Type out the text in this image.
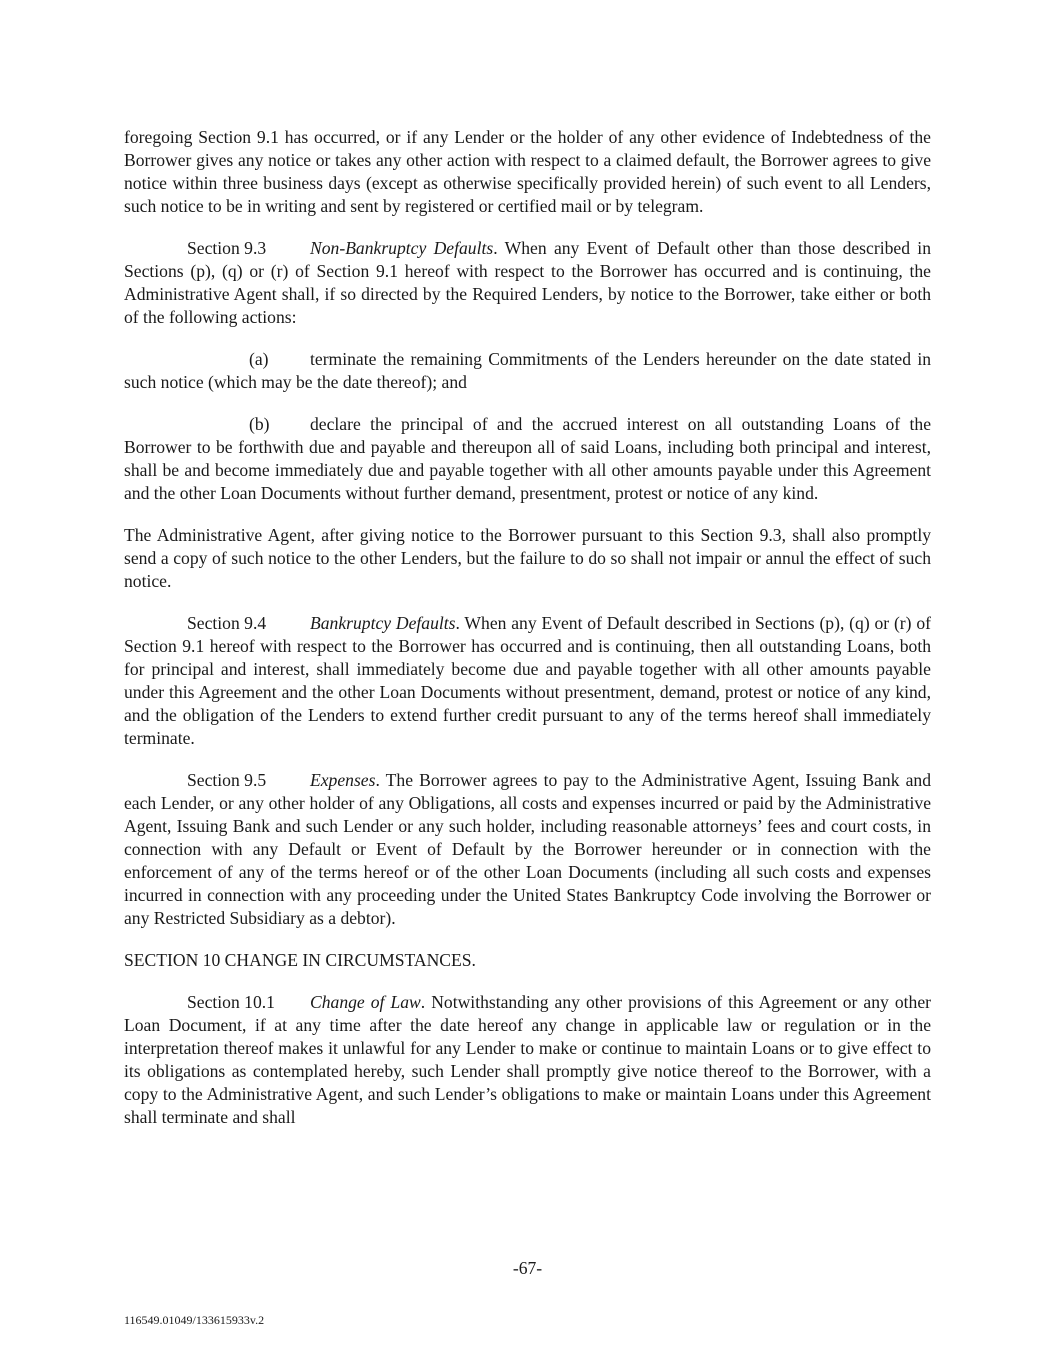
foregoing Section 9.1 has occurred, or if any Lender or the holder of any other evidence of Indebtedness of the Borrower gives any notice or takes any other action with respect to a claimed default, the Borrower agrees to give notice within three business days (except as otherwise specifically provided herein) of such event to all Lenders, such notice to be in writing and sent by registered or certified mail or by telegram.

Section 9.3 Non-Bankruptcy Defaults. When any Event of Default other than those described in Sections (p), (q) or (r) of Section 9.1 hereof with respect to the Borrower has occurred and is continuing, the Administrative Agent shall, if so directed by the Required Lenders, by notice to the Borrower, take either or both of the following actions:

(a) terminate the remaining Commitments of the Lenders hereunder on the date stated in such notice (which may be the date thereof); and

(b) declare the principal of and the accrued interest on all outstanding Loans of the Borrower to be forthwith due and payable and thereupon all of said Loans, including both principal and interest, shall be and become immediately due and payable together with all other amounts payable under this Agreement and the other Loan Documents without further demand, presentment, protest or notice of any kind.

The Administrative Agent, after giving notice to the Borrower pursuant to this Section 9.3, shall also promptly send a copy of such notice to the other Lenders, but the failure to do so shall not impair or annul the effect of such notice.

Section 9.4 Bankruptcy Defaults. When any Event of Default described in Sections (p), (q) or (r) of Section 9.1 hereof with respect to the Borrower has occurred and is continuing, then all outstanding Loans, both for principal and interest, shall immediately become due and payable together with all other amounts payable under this Agreement and the other Loan Documents without presentment, demand, protest or notice of any kind, and the obligation of the Lenders to extend further credit pursuant to any of the terms hereof shall immediately terminate.

Section 9.5 Expenses. The Borrower agrees to pay to the Administrative Agent, Issuing Bank and each Lender, or any other holder of any Obligations, all costs and expenses incurred or paid by the Administrative Agent, Issuing Bank and such Lender or any such holder, including reasonable attorneys’ fees and court costs, in connection with any Default or Event of Default by the Borrower hereunder or in connection with the enforcement of any of the terms hereof or of the other Loan Documents (including all such costs and expenses incurred in connection with any proceeding under the United States Bankruptcy Code involving the Borrower or any Restricted Subsidiary as a debtor).

SECTION 10 CHANGE IN CIRCUMSTANCES.

Section 10.1 Change of Law. Notwithstanding any other provisions of this Agreement or any other Loan Document, if at any time after the date hereof any change in applicable law or regulation or in the interpretation thereof makes it unlawful for any Lender to make or continue to maintain Loans or to give effect to its obligations as contemplated hereby, such Lender shall promptly give notice thereof to the Borrower, with a copy to the Administrative Agent, and such Lender’s obligations to make or maintain Loans under this Agreement shall terminate and shall

-67-
116549.01049/133615933v.2
